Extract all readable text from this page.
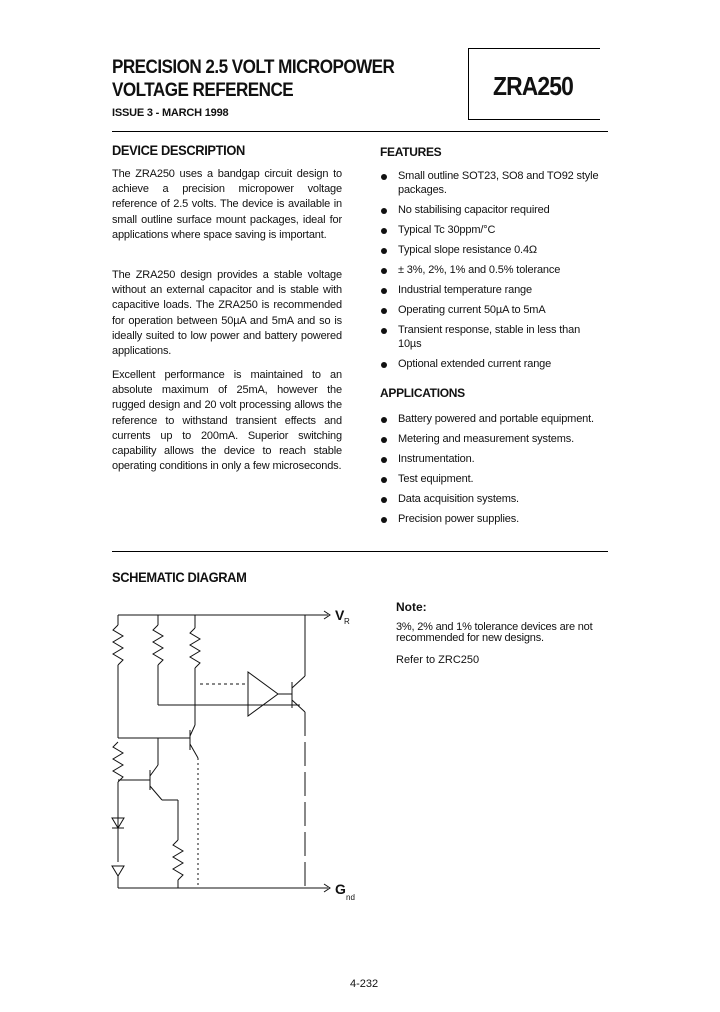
PRECISION 2.5 VOLT MICROPOWER
VOLTAGE REFERENCE
ISSUE 3 - MARCH 1998
ZRA250
DEVICE DESCRIPTION
The ZRA250 uses a bandgap circuit design to achieve a precision micropower voltage reference of 2.5 volts. The device is available in small outline surface mount packages, ideal for applications where space saving is important.
The ZRA250 design provides a stable voltage without an external capacitor and is stable with capacitive loads. The ZRA250 is recommended for operation between 50µA and 5mA and so is ideally suited to low power and battery powered applications.
Excellent performance is maintained to an absolute maximum of 25mA, however the rugged design and 20 volt processing allows the reference to withstand transient effects and currents up to 200mA. Superior switching capability allows the device to reach stable operating conditions in only a few microseconds.
FEATURES
Small outline SOT23, SO8 and TO92 style packages.
No stabilising capacitor required
Typical Tc 30ppm/°C
Typical slope resistance 0.4Ω
± 3%, 2%, 1% and 0.5% tolerance
Industrial temperature range
Operating current 50µA to 5mA
Transient response, stable in less than 10µs
Optional extended current range
APPLICATIONS
Battery powered and portable equipment.
Metering and measurement systems.
Instrumentation.
Test equipment.
Data acquisition systems.
Precision power supplies.
SCHEMATIC DIAGRAM
V R
G
nd
Note:
3%, 2% and 1% tolerance devices are not recommended for new designs.
Refer to ZRC250
4-232
